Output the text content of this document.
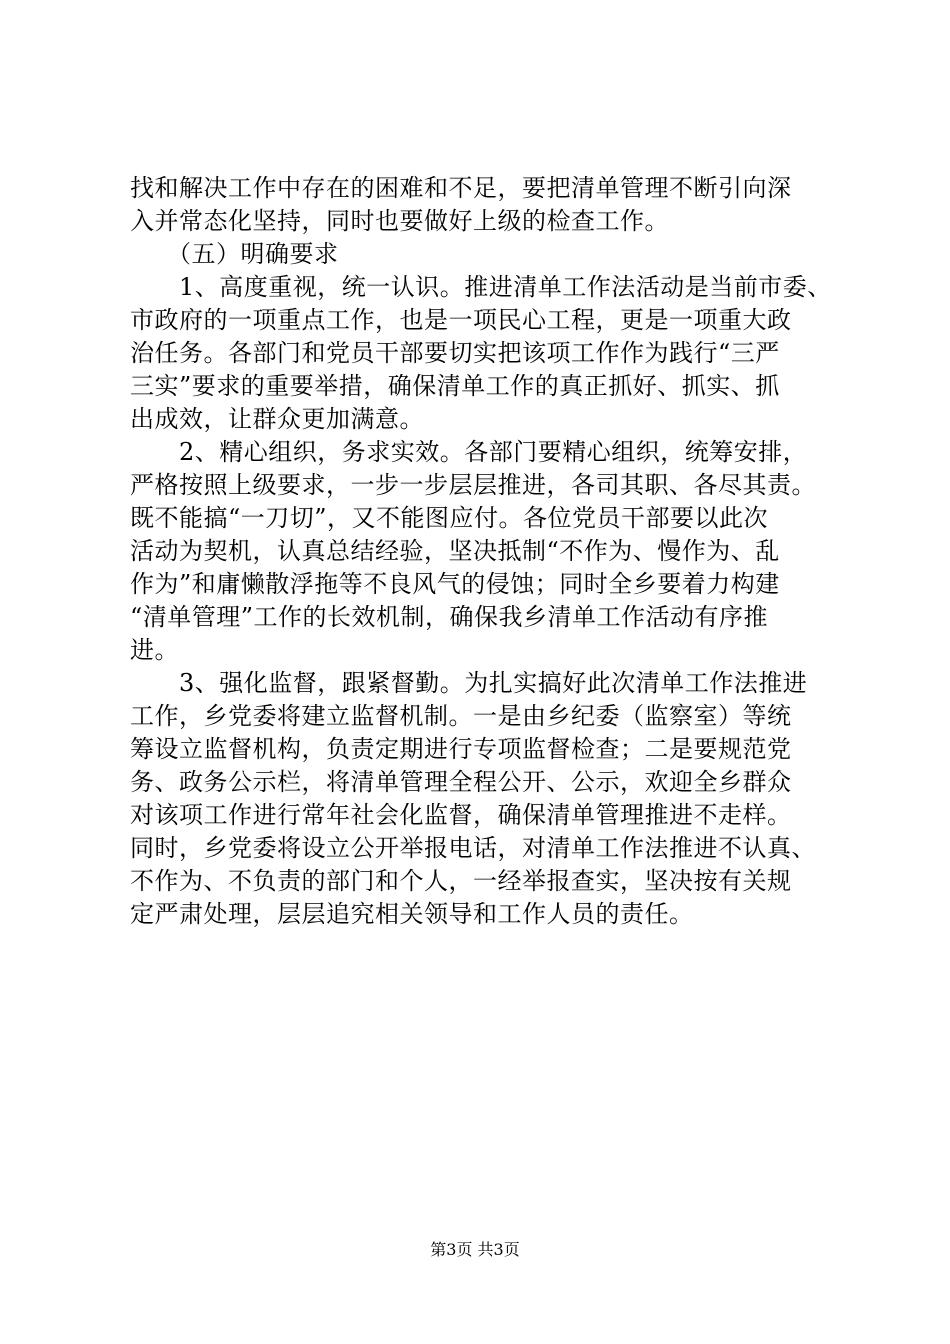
找和解决工作中存在的困难和不足，要把清单管理不断引向深
入并常态化坚持，同时也要做好上级的检查工作。
　　（五）明确要求
　　1、高度重视，统一认识。推进清单工作法活动是当前市委、
市政府的一项重点工作，也是一项民心工程，更是一项重大政
治任务。各部门和党员干部要切实把该项工作作为践行“三严
三实”要求的重要举措，确保清单工作的真正抓好、抓实、抓
出成效，让群众更加满意。
　　2、精心组织，务求实效。各部门要精心组织，统筹安排，
严格按照上级要求，一步一步层层推进，各司其职、各尽其责。
既不能搞“一刀切”，又不能图应付。各位党员干部要以此次
活动为契机，认真总结经验，坚决抵制“不作为、慢作为、乱
作为”和庸懒散浮拖等不良风气的侵蚀；同时全乡要着力构建
“清单管理”工作的长效机制，确保我乡清单工作活动有序推
进。
　　3、强化监督，跟紧督勤。为扎实搞好此次清单工作法推进
工作，乡党委将建立监督机制。一是由乡纪委（监察室）等统
筹设立监督机构，负责定期进行专项监督检查；二是要规范党
务、政务公示栏，将清单管理全程公开、公示，欢迎全乡群众
对该项工作进行常年社会化监督，确保清单管理推进不走样。
同时，乡党委将设立公开举报电话，对清单工作法推进不认真、
不作为、不负责的部门和个人，一经举报查实，坚决按有关规
定严肃处理，层层追究相关领导和工作人员的责任。
第3页 共3页
